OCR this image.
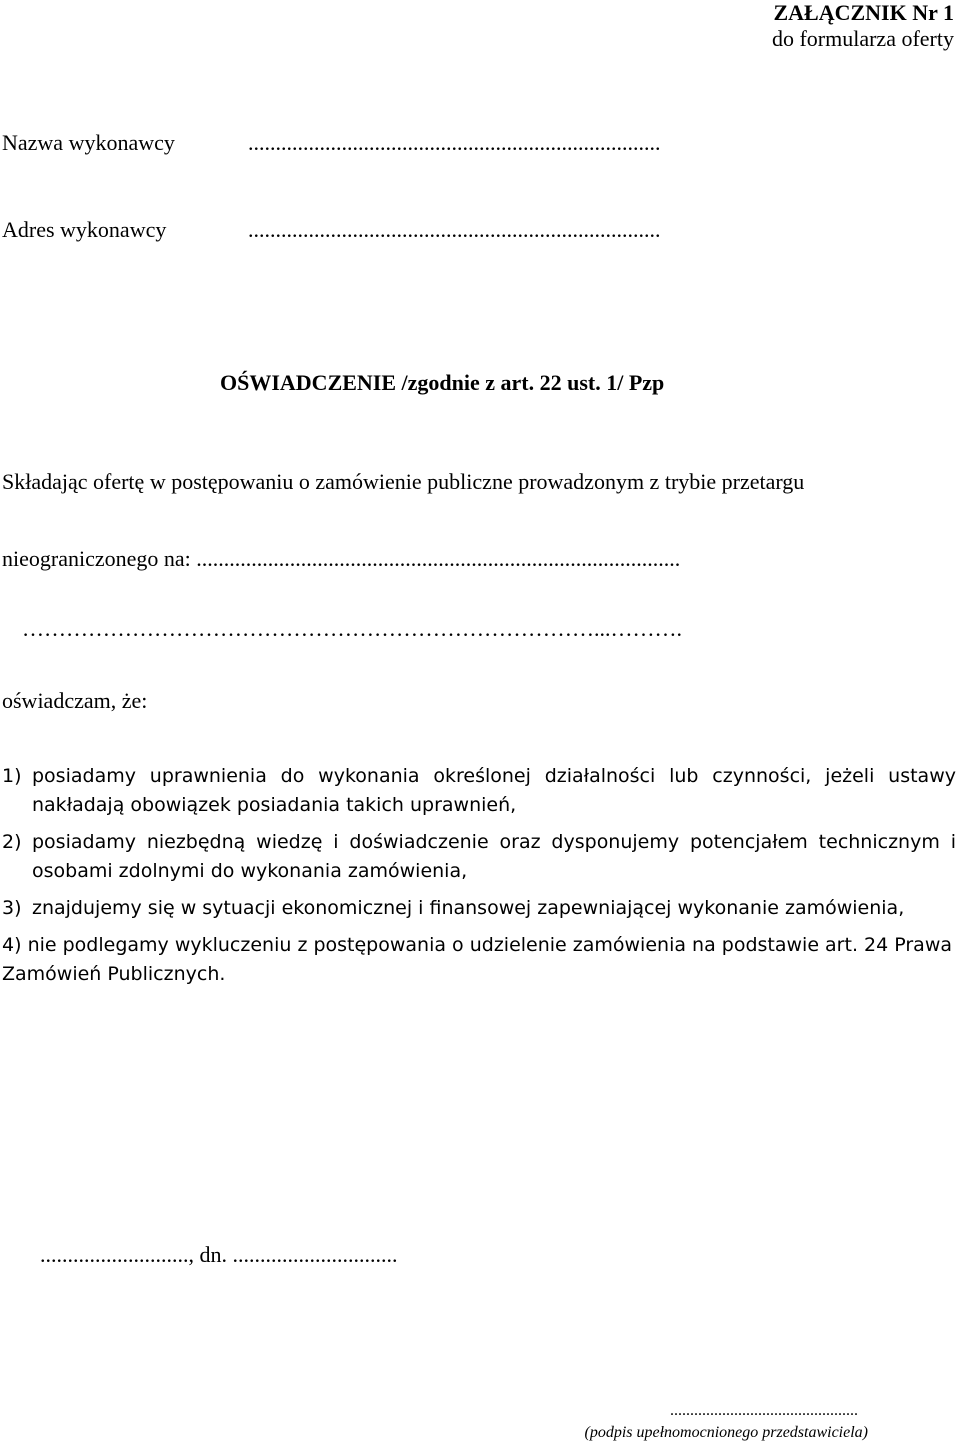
ZAŁĄCZNIK Nr 1
do formularza oferty
Nazwa wykonawcy	...........................................................................
Adres wykonawcy	...........................................................................
OŚWIADCZENIE /zgodnie z art. 22 ust. 1/ Pzp
Składając ofertę w postępowaniu o zamówienie publiczne prowadzonym z trybie przetargu
nieograniczonego na: ........................................................................................
……………………………………………………………………...……….
oświadczam, że:
1) posiadamy uprawnienia do wykonania określonej działalności lub czynności, jeżeli ustawy nakładają obowiązek posiadania takich uprawnień,
2) posiadamy niezbędną wiedzę i doświadczenie oraz dysponujemy potencjałem technicznym i osobami zdolnymi do wykonania zamówienia,
3) znajdujemy się w sytuacji ekonomicznej i finansowej zapewniającej wykonanie zamówienia,
4) nie podlegamy wykluczeniu z postępowania o udzielenie zamówienia na podstawie art. 24 Prawa Zamówień Publicznych.
..........................., dn. ..............................
...............................................
(podpis upełnomocnionego przedstawiciela)
